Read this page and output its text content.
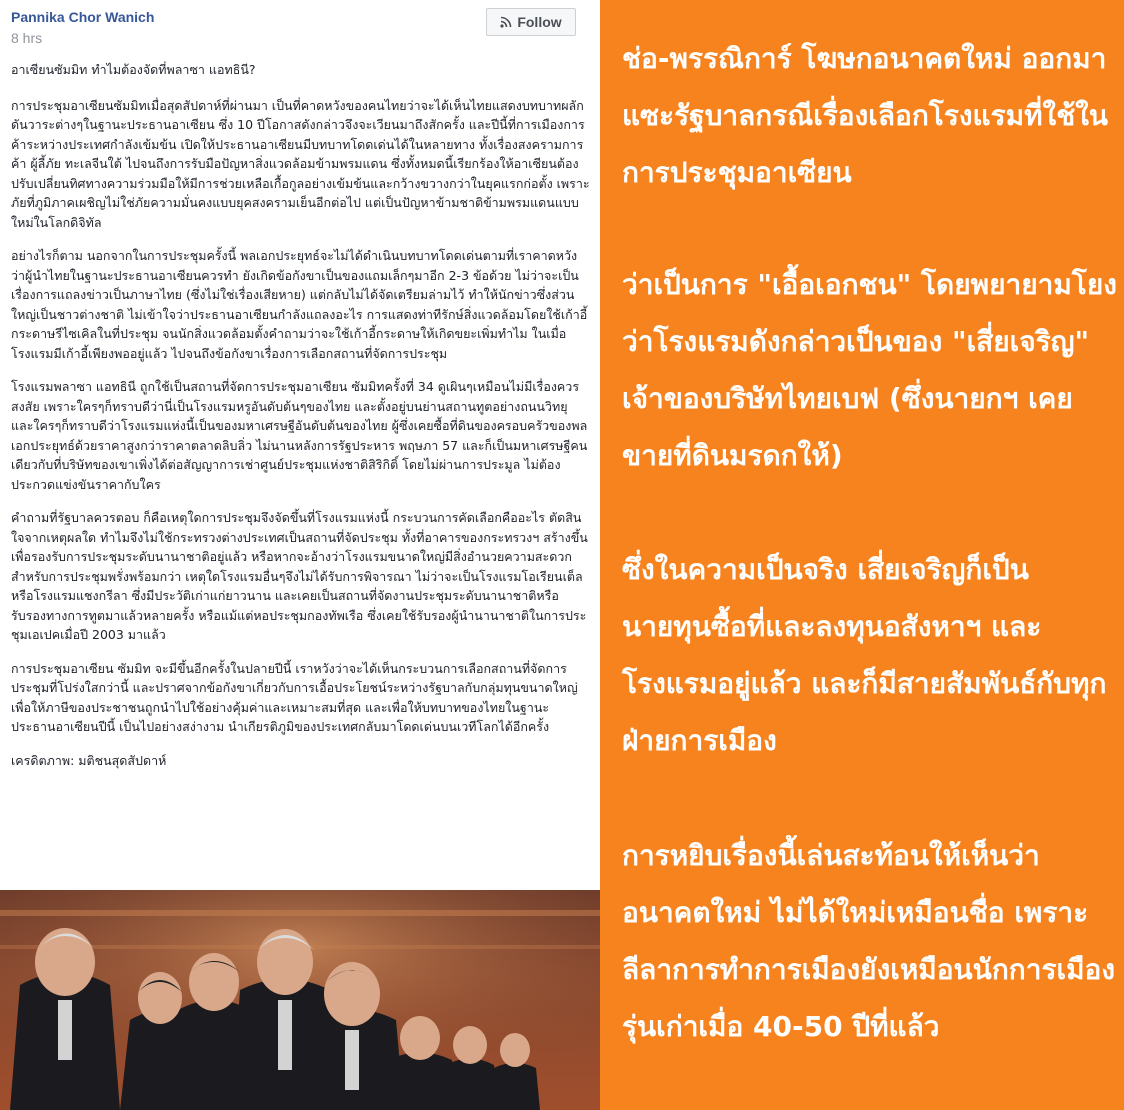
Pannika Chor Wanich
8 hrs
Follow

อาเซียนซัมมิท ทำไมต้องจัดที่พลาซา แอทธินี?

การประชุมอาเซียนซัมมิทเมื่อสุดสัปดาห์ที่ผ่านมา เป็นที่คาดหวังของคนไทยว่าจะได้เห็นไทยแสดงบทบาทผลักดันวาระต่างๆในฐานะประธานอาเซียน ซึ่ง 10 ปีโอกาสดังกล่าวจึงจะเวียนมาถึงสักครั้ง และปีนี้ที่การเมืองการค้าระหว่างประเทศกำลังเข้มข้น เปิดให้ประธานอาเซียนมีบทบาทโดดเด่นได้ในหลายทาง ทั้งเรื่องสงครามการค้า ผู้ลี้ภัย ทะเลจีนใต้ ไปจนถึงการรับมือปัญหาสิ่งแวดล้อมข้ามพรมแดน ซึ่งทั้งหมดนี้เรียกร้องให้อาเซียนต้องปรับเปลี่ยนทิศทางความร่วมมือให้มีการช่วยเหลือเกื้อกูลอย่างเข้มข้นและกว้างขวางกว่าในยุคแรกก่อตั้ง เพราะภัยที่ภูมิภาคเผชิญไม่ใช่ภัยความมั่นคงแบบยุคสงครามเย็นอีกต่อไป แต่เป็นปัญหาข้ามชาติข้ามพรมแดนแบบใหม่ในโลกดิจิทัล

อย่างไรก็ตาม นอกจากในการประชุมครั้งนี้ พลเอกประยุทธ์จะไม่ได้ดำเนินบทบาทโดดเด่นตามที่เราคาดหวังว่าผู้นำไทยในฐานะประธานอาเซียนควรทำ ยังเกิดข้อกังขาเป็นของแถมเล็กๆมาอีก 2-3 ข้อด้วย ไม่ว่าจะเป็นเรื่องการแถลงข่าวเป็นภาษาไทย (ซึ่งไม่ใช่เรื่องเสียหาย) แต่กลับไม่ได้จัดเตรียมล่ามไว้ ทำให้นักข่าวซึ่งส่วนใหญ่เป็นชาวต่างชาติ ไม่เข้าใจว่าประธานอาเซียนกำลังแถลงอะไร การแสดงท่าทีรักษ์สิ่งแวดล้อมโดยใช้เก้าอี้กระดาษรีไซเคิลในที่ประชุม จนนักสิ่งแวดล้อมตั้งคำถามว่าจะใช้เก้าอี้กระดาษให้เกิดขยะเพิ่มทำไม ในเมื่อโรงแรมมีเก้าอี้เพียงพออยู่แล้ว ไปจนถึงข้อกังขาเรื่องการเลือกสถานที่จัดการประชุม

โรงแรมพลาซา แอทธินี ถูกใช้เป็นสถานที่จัดการประชุมอาเซียน ซัมมิทครั้งที่ 34 ดูเผินๆเหมือนไม่มีเรื่องควรสงสัย เพราะใครๆก็ทราบดีว่านี่เป็นโรงแรมหรูอันดับต้นๆของไทย และตั้งอยู่บนย่านสถานทูตอย่างถนนวิทยุ และใครๆก็ทราบดีว่าโรงแรมแห่งนี้เป็นของมหาเศรษฐีอันดับต้นของไทย ผู้ซึ่งเคยซื้อที่ดินของครอบครัวของพลเอกประยุทธ์ด้วยราคาสูงกว่าราคาตลาดลิบลิ่ว ไม่นานหลังการรัฐประหาร พฤษภา 57 และก็เป็นมหาเศรษฐีคนเดียวกับที่บริษัทของเขาเพิ่งได้ต่อสัญญาการเช่าศูนย์ประชุมแห่งชาติสิริกิติ์ โดยไม่ผ่านการประมูล ไม่ต้องประกวดแข่งขันราคากับใคร

คำถามที่รัฐบาลควรตอบ ก็คือเหตุใดการประชุมจึงจัดขึ้นที่โรงแรมแห่งนี้ กระบวนการคัดเลือกคืออะไร ตัดสินใจจากเหตุผลใด ทำไมจึงไม่ใช้กระทรวงต่างประเทศเป็นสถานที่จัดประชุม ทั้งที่อาคารของกระทรวงฯ สร้างขึ้นเพื่อรองรับการประชุมระดับนานาชาติอยู่แล้ว หรือหากจะอ้างว่าโรงแรมขนาดใหญ่มีสิ่งอำนวยความสะดวกสำหรับการประชุมพรั่งพร้อมกว่า เหตุใดโรงแรมอื่นๆจึงไม่ได้รับการพิจารณา ไม่ว่าจะเป็นโรงแรมโอเรียนเต็ล หรือโรงแรมแชงกรีลา ซึ่งมีประวัติเก่าแก่ยาวนาน และเคยเป็นสถานที่จัดงานประชุมระดับนานาชาติหรือรับรองทางการทูตมาแล้วหลายครั้ง หรือแม้แต่หอประชุมกองทัพเรือ ซึ่งเคยใช้รับรองผู้นำนานาชาติในการประชุมเอเปคเมื่อปี 2003 มาแล้ว

การประชุมอาเซียน ซัมมิท จะมีขึ้นอีกครั้งในปลายปีนี้ เราหวังว่าจะได้เห็นกระบวนการเลือกสถานที่จัดการประชุมที่โปร่งใสกว่านี้ และปราศจากข้อกังขาเกี่ยวกับการเอื้อประโยชน์ระหว่างรัฐบาลกับกลุ่มทุนขนาดใหญ่ เพื่อให้ภาษีของประชาชนถูกนำไปใช้อย่างคุ้มค่าและเหมาะสมที่สุด และเพื่อให้บทบาทของไทยในฐานะประธานอาเซียนปีนี้ เป็นไปอย่างสง่างาม นำเกียรติภูมิของประเทศกลับมาโดดเด่นบนเวทีโลกได้อีกครั้ง

เครดิตภาพ: มติชนสุดสัปดาห์

ช่อ-พรรณิการ์ โฆษกอนาคตใหม่ ออกมาแซะรัฐบาลกรณีเรื่องเลือกโรงแรมที่ใช้ในการประชุมอาเซียน

ว่าเป็นการ "เอื้อเอกชน" โดยพยายามโยงว่าโรงแรมดังกล่าวเป็นของ "เสี่ยเจริญ" เจ้าของบริษัทไทยเบฟ (ซึ่งนายกฯ เคยขายที่ดินมรดกให้)

ซึ่งในความเป็นจริง เสี่ยเจริญก็เป็นนายทุนซื้อที่และลงทุนอสังหาฯ และโรงแรมอยู่แล้ว และก็มีสายสัมพันธ์กับทุกฝ่ายการเมือง

การหยิบเรื่องนี้เล่นสะท้อนให้เห็นว่า อนาคตใหม่ ไม่ได้ใหม่เหมือนชื่อ เพราะลีลาการทำการเมืองยังเหมือนนักการเมืองรุ่นเก่าเมื่อ 40-50 ปีที่แล้ว
